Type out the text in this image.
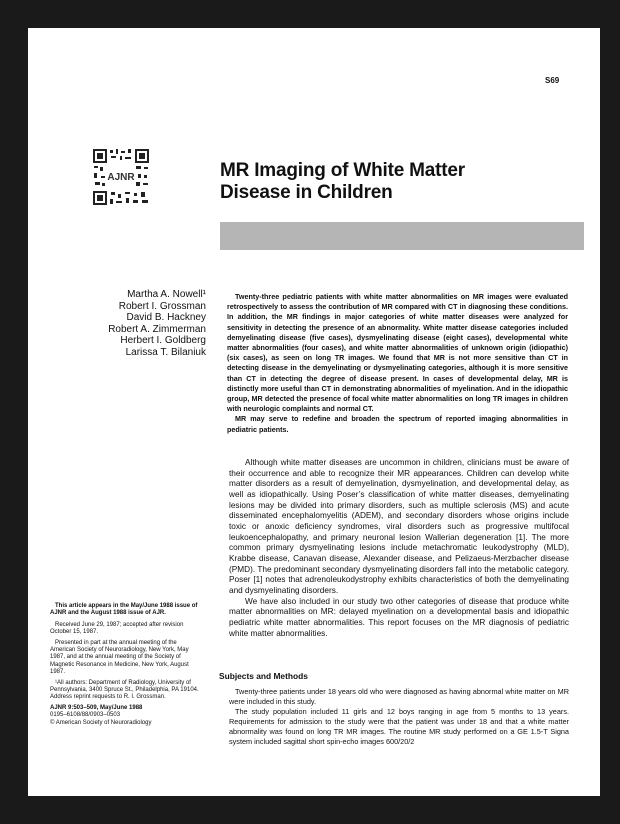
S69
AJNR	MR Imaging of White Matter
Disease in Children
Martha A. Nowell¹
Robert I. Grossman
David B. Hackney
Robert A. Zimmerman
Herbert I. Goldberg
Larissa T. Bilaniuk

Twenty-three pediatric patients with white matter abnormalities on MR images were evaluated retrospectively to assess the contribution of MR compared with CT in diagnosing these conditions. In addition, the MR findings in major categories of white matter diseases were analyzed for sensitivity in detecting the presence of an abnormality. White matter disease categories included demyelinating disease (five cases), dysmyelinating disease (eight cases), developmental white matter abnormalities (four cases), and white matter abnormalities of unknown origin (idiopathic) (six cases), as seen on long TR images. We found that MR is not more sensitive than CT in detecting disease in the demyelinating or dysmyelinating categories, although it is more sensitive than CT in detecting the degree of disease present. In cases of developmental delay, MR is distinctly more useful than CT in demonstrating abnormalities of myelination. And in the idiopathic group, MR detected the presence of focal white matter abnormalities on long TR images in children with neurologic complaints and normal CT.

MR may serve to redefine and broaden the spectrum of reported imaging abnormalities in pediatric patients.

Although white matter diseases are uncommon in children, clinicians must be aware of their occurrence and able to recognize their MR appearances. Children can develop white matter disorders as a result of demyelination, dysmyelination, and developmental delay, as well as idiopathically. Using Poser’s classification of white matter diseases, demyelinating lesions may be divided into primary disorders, such as multiple sclerosis (MS) and acute disseminated encephalomyelitis (ADEM), and secondary disorders whose origins include toxic or anoxic deficiency syndromes, viral disorders such as progressive multifocal leukoencephalopathy, and primary neuronal lesion Wallerian degeneration [1]. The more common primary dysmyelinating lesions include metachromatic leukodystrophy (MLD), Krabbe disease, Canavan disease, Alexander disease, and Pelizaeus-Merzbacher disease (PMD). The predominant secondary dysmyelinating disorders fall into the metabolic category. Poser [1] notes that adrenoleukodystrophy exhibits characteristics of both the demyelinating and dysmyelinating disorders.

We have also included in our study two other categories of disease that produce white matter abnormalities on MR: delayed myelination on a developmental basis and idiopathic pediatric white matter abnormalities. This report focuses on the MR diagnosis of pediatric white matter abnormalities.

Subjects and Methods

Twenty-three patients under 18 years old who were diagnosed as having abnormal white matter on MR were included in this study.

The study population included 11 girls and 12 boys ranging in age from 5 months to 13 years. Requirements for admission to the study were that the patient was under 18 and that a white matter abnormality was found on long TR MR images. The routine MR study performed on a GE 1.5-T Signa system included sagittal short spin-echo images 600/20/2

This article appears in the May/June 1988 issue of AJNR and the August 1988 issue of AJR.

Received June 29, 1987; accepted after revision October 15, 1987.

Presented in part at the annual meeting of the American Society of Neuroradiology, New York, May 1987, and at the annual meeting of the Society of Magnetic Resonance in Medicine, New York, August 1987.

¹All authors: Department of Radiology, University of Pennsylvania, 3400 Spruce St., Philadelphia, PA 19104. Address reprint requests to R. I. Grossman.

AJNR 9:503–509, May/June 1988

0195–6108/88/0903–0503

© American Society of Neuroradiology
